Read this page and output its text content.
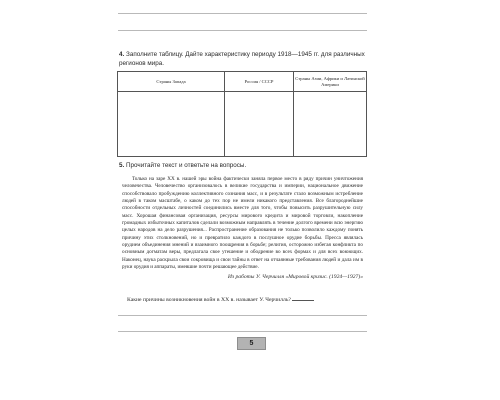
4. Заполните таблицу. Дайте характеристику периоду 1918—1945 гг. для различных
регионов мира.
Страны Запада	Россия / СССР	Страны Азии, Африки и Латинской Америки

5. Прочитайте текст и ответьте на вопросы.

Только на заре XX в. нашей эры война фактически заняла первое место в ряду причин уничтожения человечества. Человечество организовалось в великие государства и империи, национальное движение способствовало пробуждению коллективного сознания масс, и в результате стало возможным истребление людей в таком масштабе, о каком до тех пор не имели никакого представления. Все благороднейшие способности отдельных личностей соединились вместе для того, чтобы повысить разрушительную силу масс. Хорошая финансовая организация, ресурсы мирового кредита и мировой торговли, накопление громадных избыточных капиталов сделали возможным направлять в течение долгого времени всю энергию целых народов на дело разрушения... Распространение образования не только позволило каждому понять причину этих столкновений, но и превратило каждого в послушное орудие борьбы. Пресса являлась орудием объединения мнений и взаимного поощрения в борьбе; религия, осторожно избегая конфликта по основным догматам веры, предлагала свое утешение и ободрение во всех формах и для всех воюющих. Наконец, наука раскрыла свои сокровища и свои тайны в ответ на отчаянные требования людей и дала им в руки орудия и аппараты, имевшие почти решающее действие.

Из работы У. Черчилля «Мировой кризис. (1924—1927)»
Какие причины возникновения войн в ХХ в. называет У. Черчилль?
5
